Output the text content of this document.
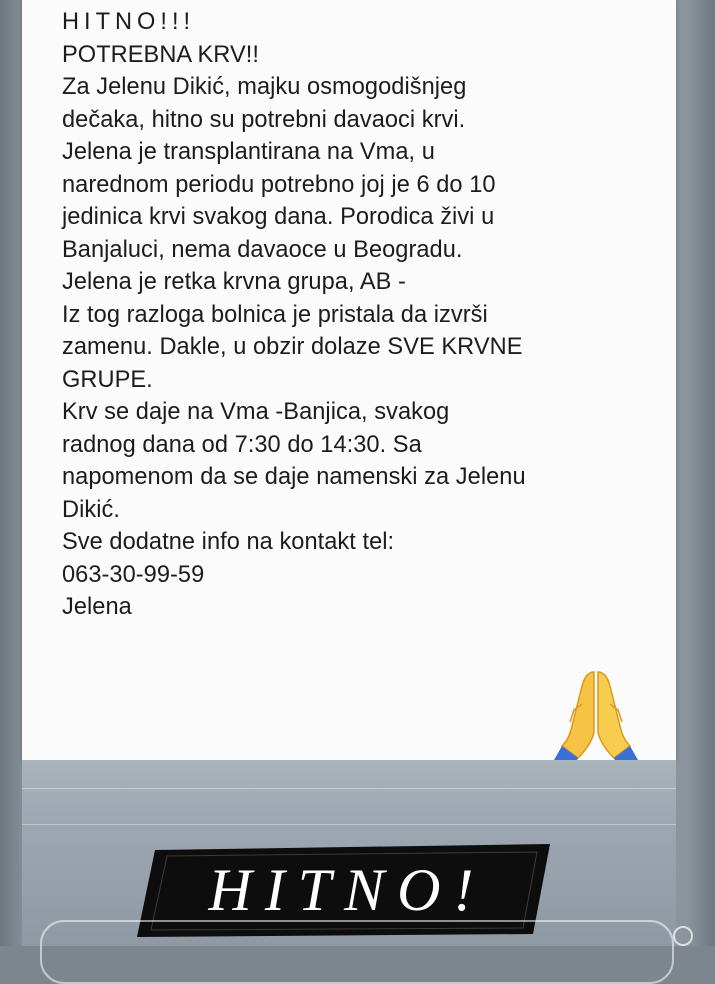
HITNO!!!
POTREBNA KRV!!
Za Jelenu Dikić, majku osmogodišnjeg
dečaka, hitno su potrebni davaoci krvi.
Jelena je transplantirana na Vma, u
narednom periodu potrebno joj je 6 do 10
jedinica krvi svakog dana. Porodica živi u
Banjaluci, nema davaoce u Beogradu.
Jelena je retka krvna grupa, AB -
Iz tog razloga bolnica je pristala da izvrši
zamenu. Dakle, u obzir dolaze SVE KRVNE
GRUPE.
Krv se daje na Vma -Banjica, svakog
radnog dana od 7:30 do 14:30. Sa
napomenom da se daje namenski za Jelenu
Dikić.
Sve dodatne info na kontakt tel:
063-30-99-59
Jelena

HITNO!
